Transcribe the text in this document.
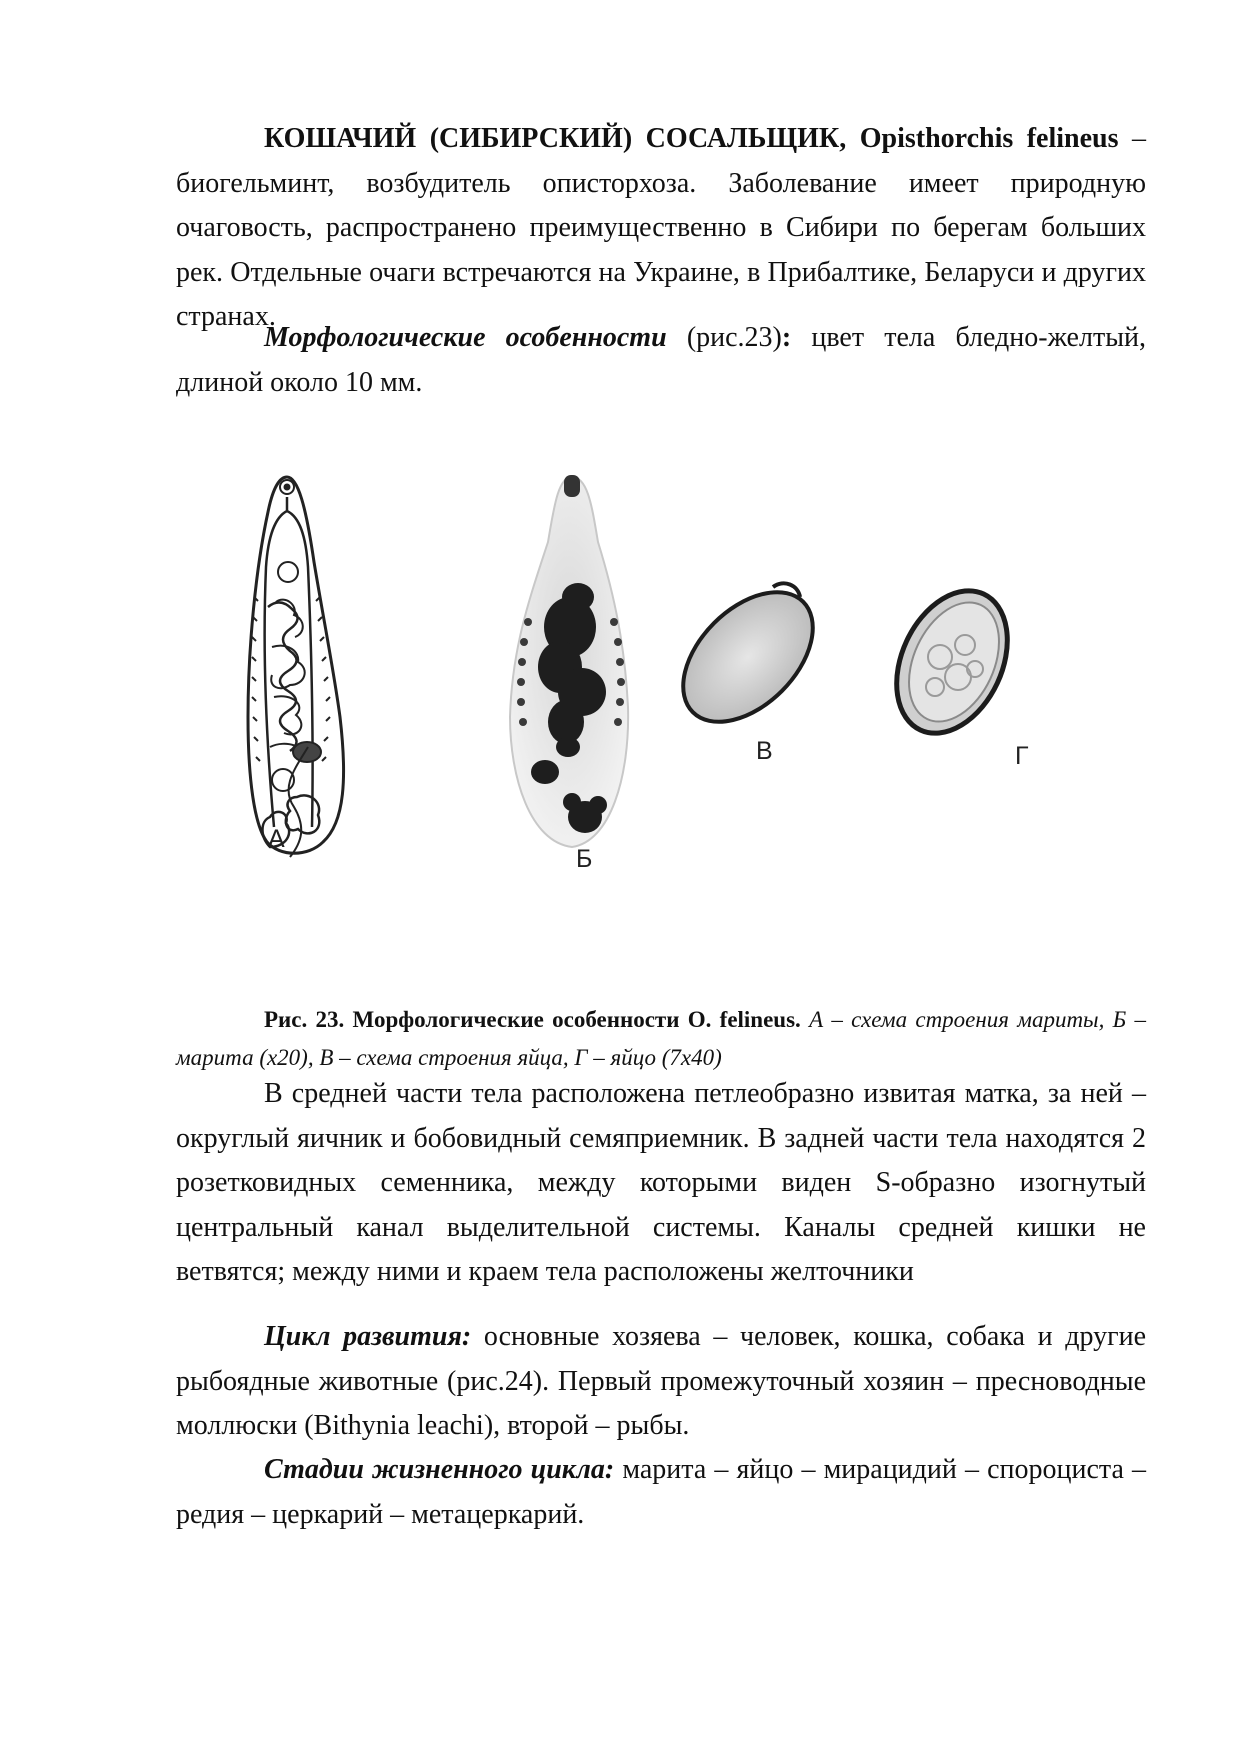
КОШАЧИЙ (СИБИРСКИЙ) СОСАЛЬЩИК, Opisthorchis felineus – биогельминт, возбудитель описторхоза. Заболевание имеет природную очаговость, распространено преимущественно в Сибири по берегам больших рек. Отдельные очаги встречаются на Украине, в Прибалтике, Беларуси и других странах.

Морфологические особенности (рис.23): цвет тела бледно-желтый, длиной около 10 мм.

А
Б
В	Г

Рис. 23. Морфологические особенности O. felineus. А – схема строения мариты, Б – марита (х20), В – схема строения яйца, Г – яйцо (7х40)

В средней части тела расположена петлеобразно извитая матка, за ней – округлый яичник и бобовидный семяприемник. В задней части тела находятся 2 розетковидных семенника, между которыми виден S-образно изогнутый центральный канал выделительной системы. Каналы средней кишки не ветвятся; между ними и краем тела расположены желточники

Цикл развития: основные хозяева – человек, кошка, собака и другие рыбоядные животные (рис.24). Первый промежуточный хозяин – пресноводные моллюски (Bithynia leachi), второй – рыбы.

Стадии жизненного цикла: марита – яйцо – мирацидий – спороциста – редия – церкарий – метацеркарий.
